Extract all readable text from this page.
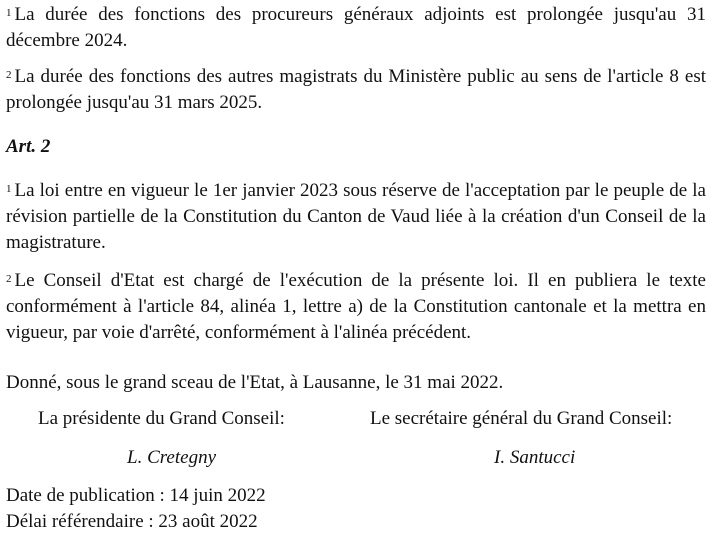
$^1$ La durée des fonctions des procureurs généraux adjoints est prolongée jusqu'au 31 décembre 2024.

$^2$ La durée des fonctions des autres magistrats du Ministère public au sens de l'article 8 est prolongée jusqu'au 31 mars 2025.

Art. 2

$^1$ La loi entre en vigueur le 1er janvier 2023 sous réserve de l'acceptation par le peuple de la révision partielle de la Constitution du Canton de Vaud liée à la création d'un Conseil de la magistrature.

$^2$ Le Conseil d'Etat est chargé de l'exécution de la présente loi. Il en publiera le texte conformément à l'article 84, alinéa 1, lettre a) de la Constitution cantonale et la mettra en vigueur, par voie d'arrêté, conformément à l'alinéa précédent.

Donné, sous le grand sceau de l'Etat, à Lausanne, le 31 mai 2022.

La présidente du Grand Conseil:	Le secrétaire général du Grand Conseil:

L. Cretegny	I. Santucci

Date de publication : 14 juin 2022

Délai référendaire : 23 août 2022
